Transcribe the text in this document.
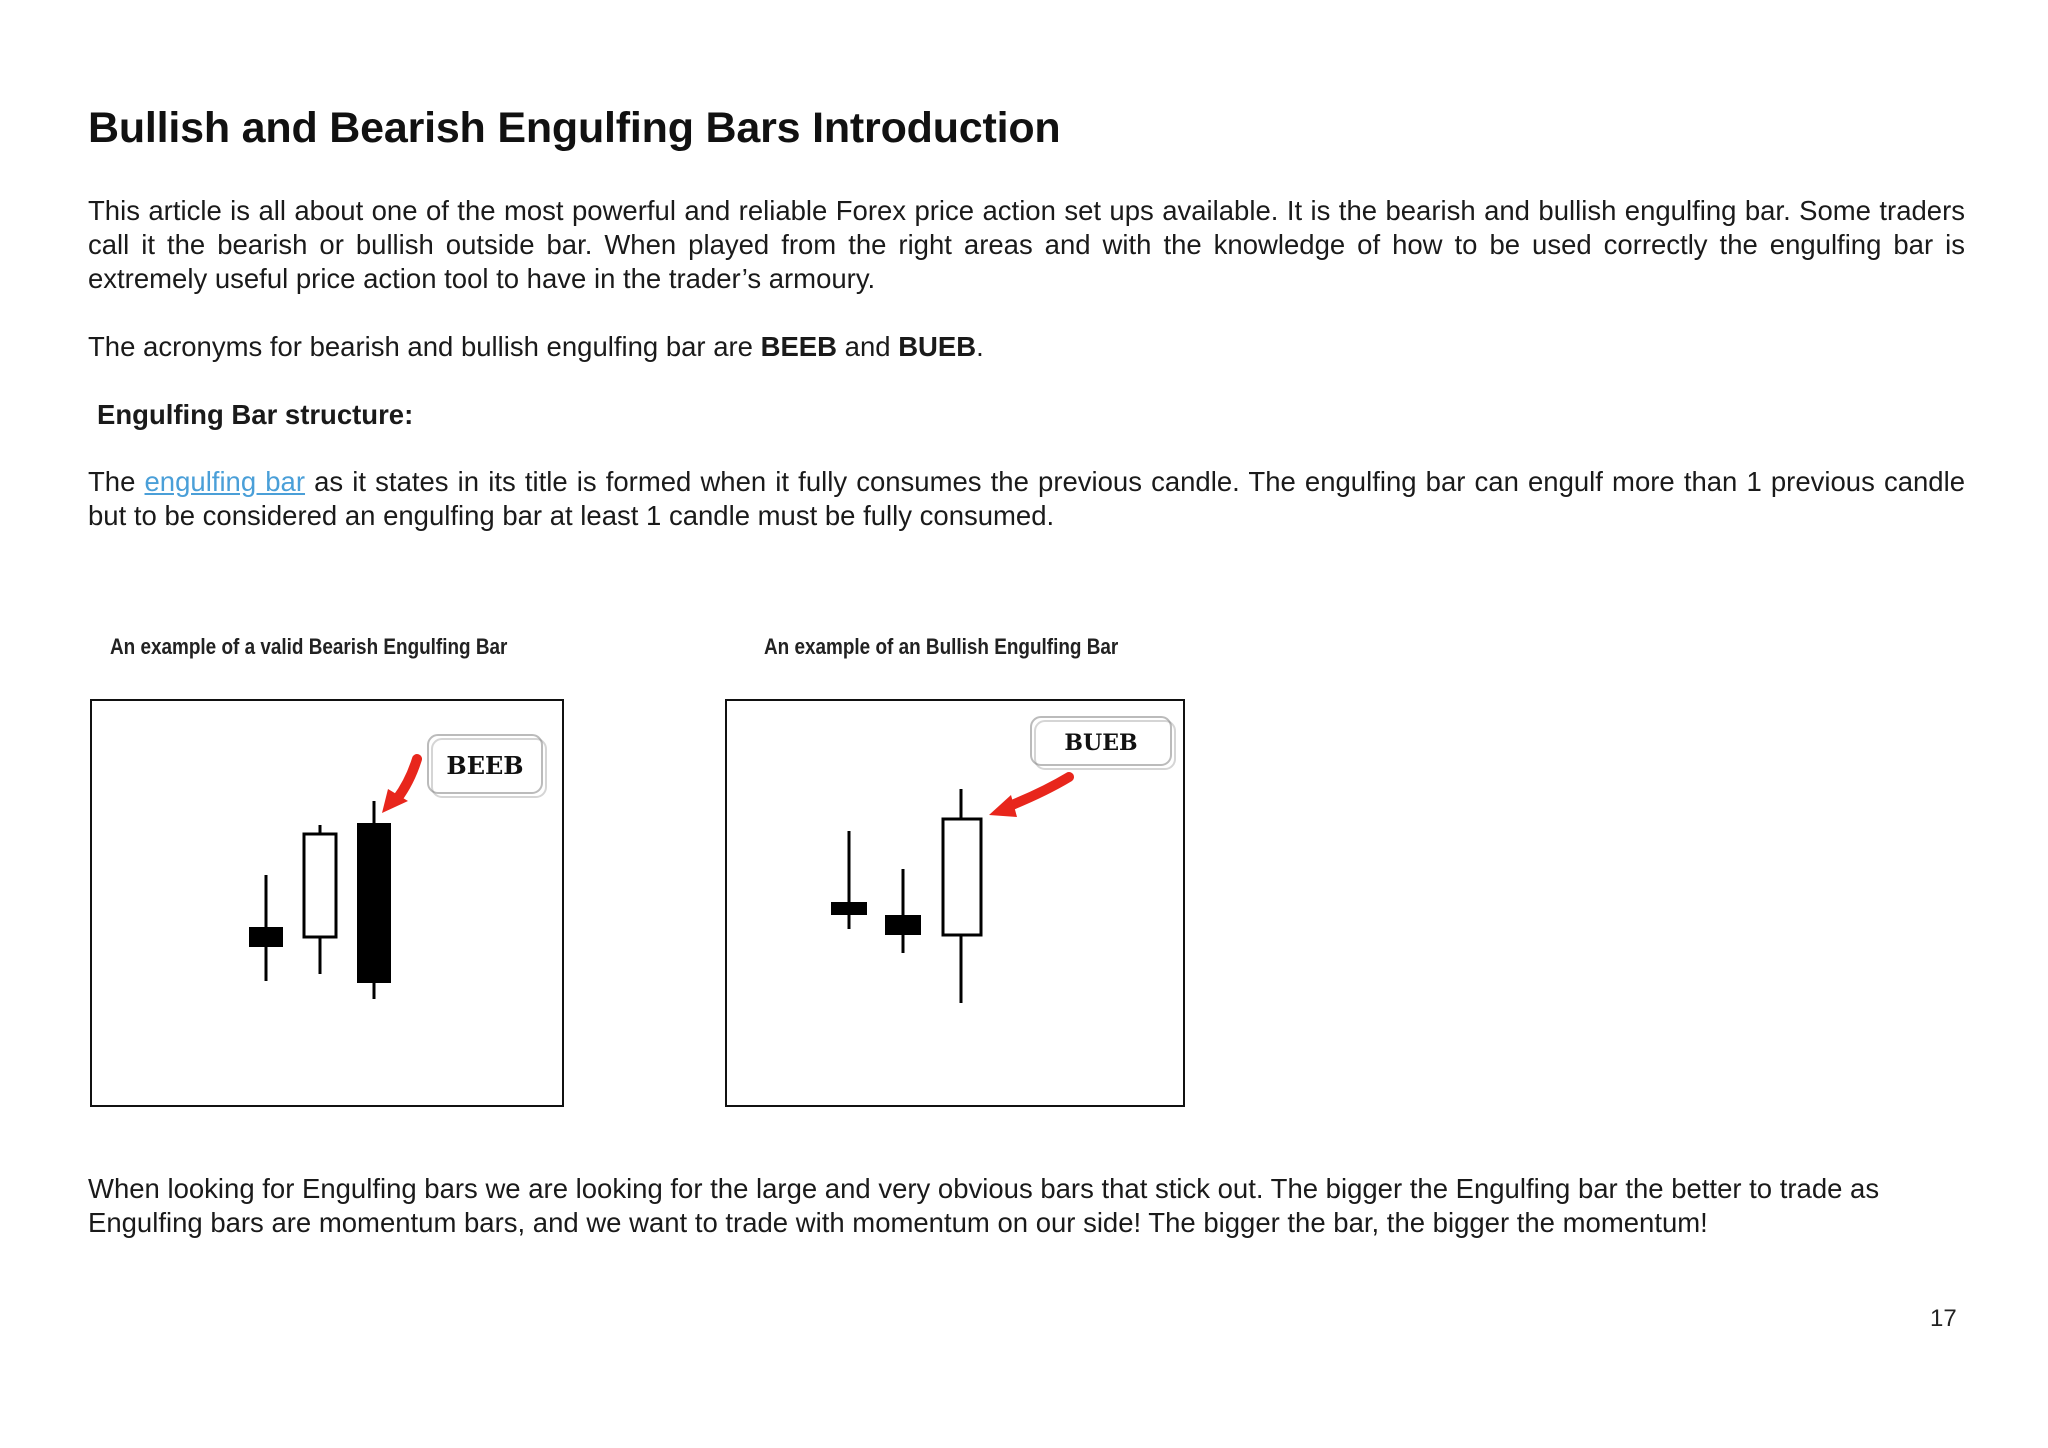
Bullish and Bearish Engulfing Bars Introduction

This article is all about one of the most powerful and reliable Forex price action set ups available. It is the bearish and bullish engulfing bar. Some traders call it the bearish or bullish outside bar. When played from the right areas and with the knowledge of how to be used correctly the engulfing bar is extremely useful price action tool to have in the trader’s armoury.

The acronyms for bearish and bullish engulfing bar are BEEB and BUEB.

Engulfing Bar structure:

The engulfing bar as it states in its title is formed when it fully consumes the previous candle. The engulfing bar can engulf more than 1 previous candle but to be considered an engulfing bar at least 1 candle must be fully consumed.

An example of a valid Bearish Engulfing Bar	An example of an Bullish Engulfing Bar

BEEB
BUEB

When looking for Engulfing bars we are looking for the large and very obvious bars that stick out. The bigger the Engulfing bar the better to trade as Engulfing bars are momentum bars, and we want to trade with momentum on our side! The bigger the bar, the bigger the momentum!

17
